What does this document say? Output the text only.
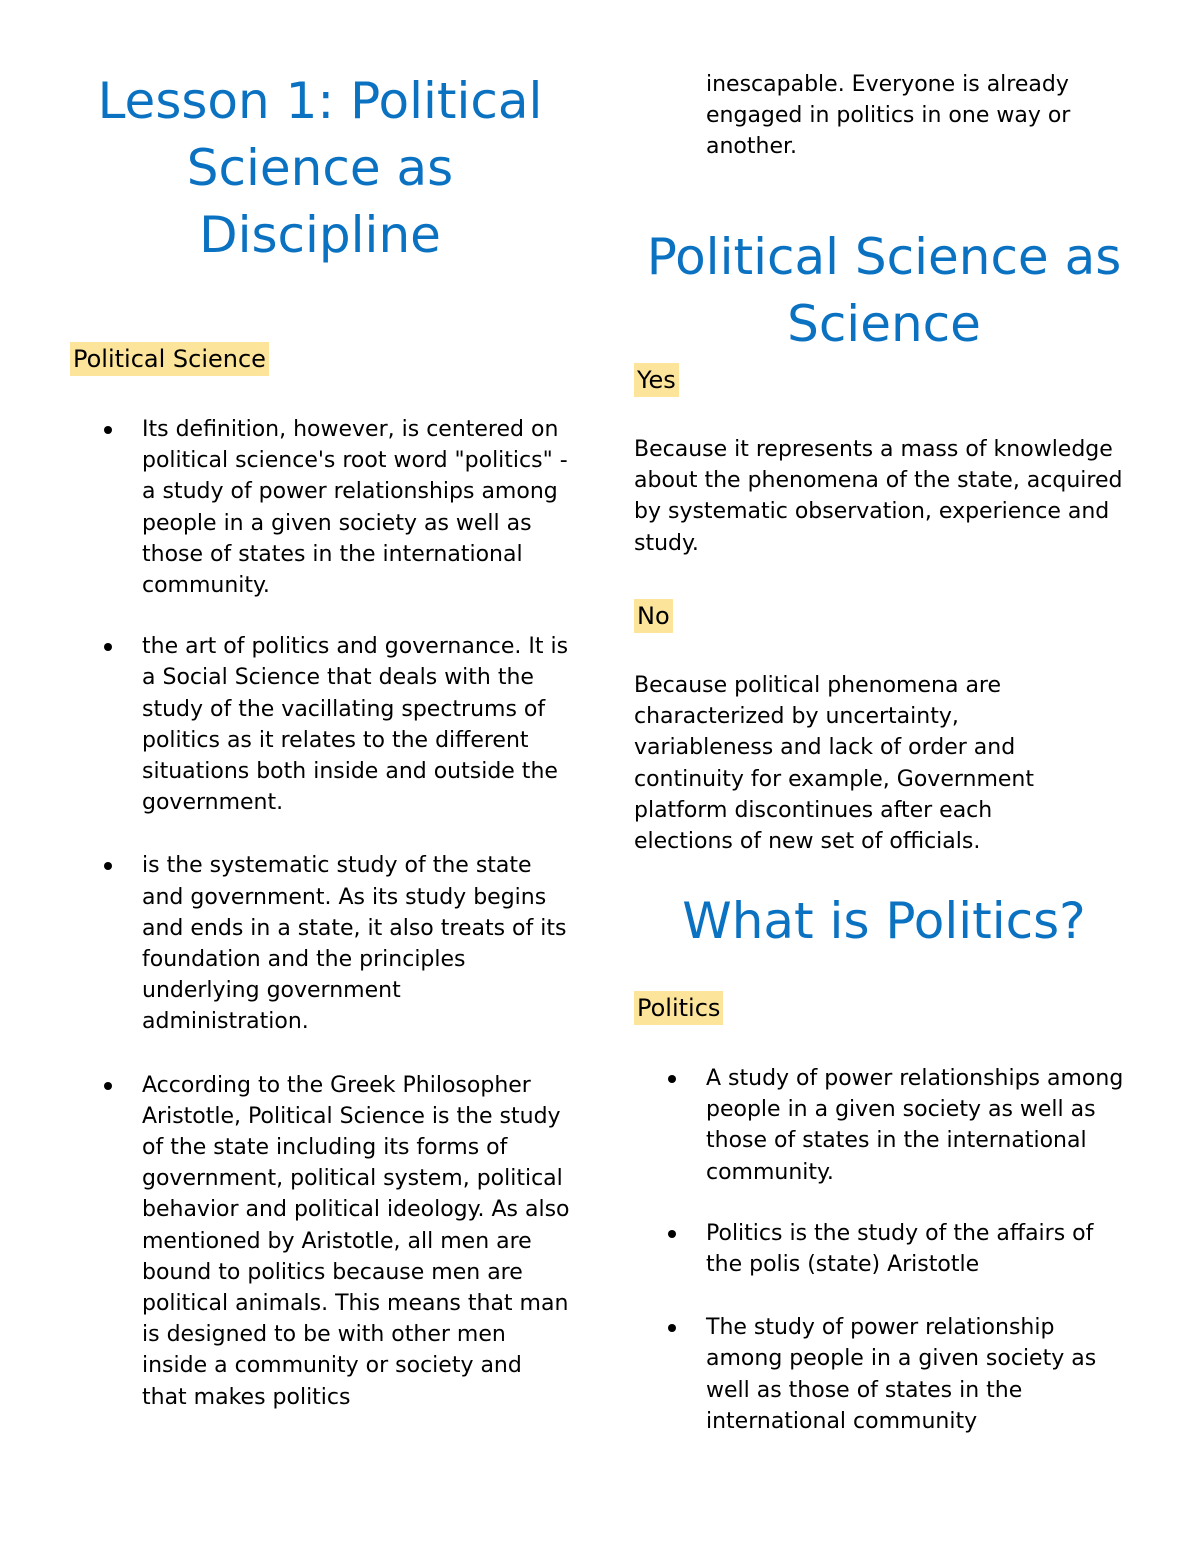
Lesson 1: Political Science as Discipline
Political Science
Its definition, however, is centered on political science's root word "politics" - a study of power relationships among people in a given society as well as those of states in the international community.
the art of politics and governance. It is a Social Science that deals with the study of the vacillating spectrums of politics as it relates to the different situations both inside and outside the government.
is the systematic study of the state and government. As its study begins and ends in a state, it also treats of its foundation and the principles underlying government administration.
According to the Greek Philosopher Aristotle, Political Science is the study of the state including its forms of government, political system, political behavior and political ideology. As also mentioned by Aristotle, all men are bound to politics because men are political animals. This means that man is designed to be with other men inside a community or society and that makes politics

inescapable. Everyone is already engaged in politics in one way or another.

Political Science as Science
Yes

Because it represents a mass of knowledge about the phenomena of the state, acquired by systematic observation, experience and study.

No

Because political phenomena are characterized by uncertainty, variableness and lack of order and continuity for example, Government platform discontinues after each elections of new set of officials.

What is Politics?
Politics
A study of power relationships among people in a given society as well as those of states in the international community.
Politics is the study of the affairs of the polis (state) Aristotle
The study of power relationship among people in a given society as well as those of states in the international community
